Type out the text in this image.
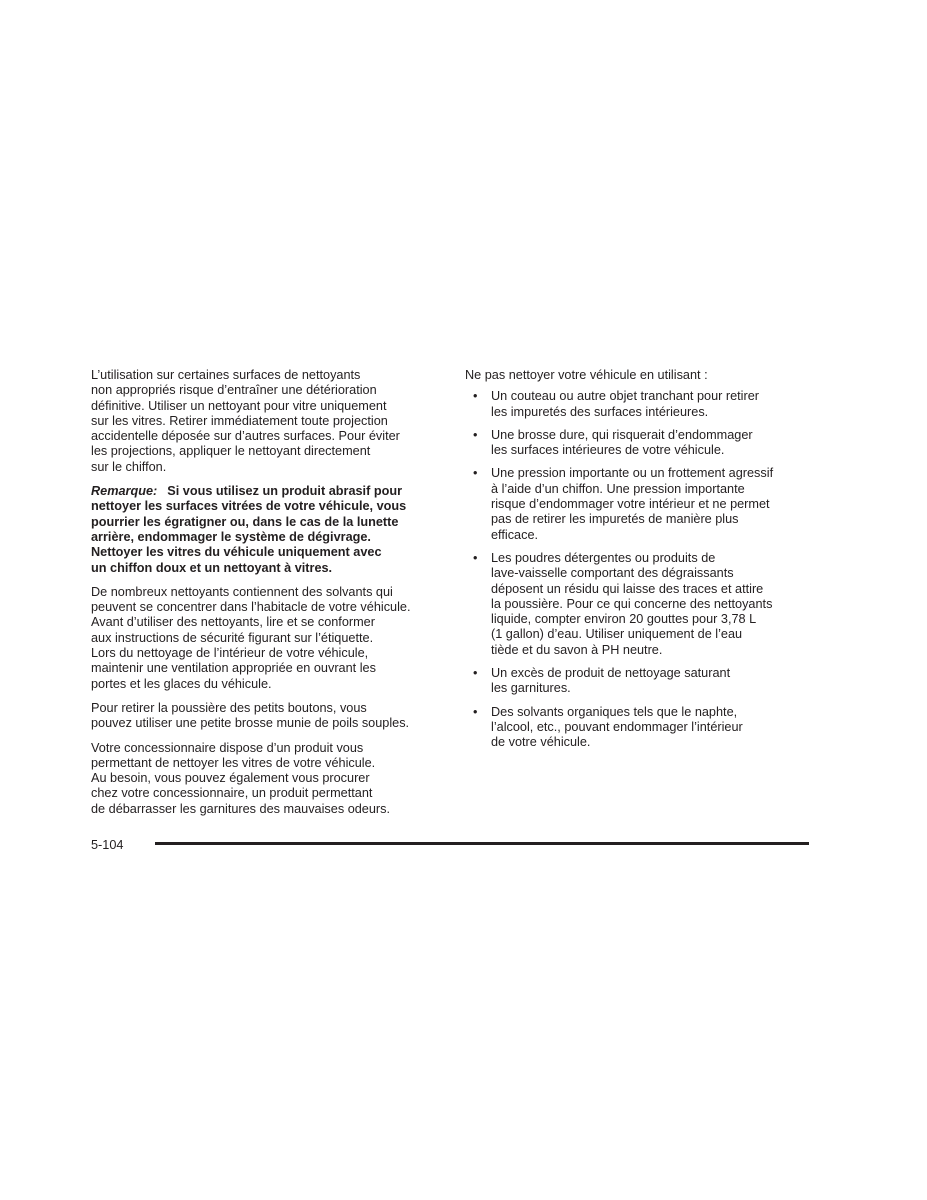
L’utilisation sur certaines surfaces de nettoyants
non appropriés risque d’entraîner une détérioration
définitive. Utiliser un nettoyant pour vitre uniquement
sur les vitres. Retirer immédiatement toute projection
accidentelle déposée sur d’autres surfaces. Pour éviter
les projections, appliquer le nettoyant directement
sur le chiffon.

Remarque: Si vous utilisez un produit abrasif pour
nettoyer les surfaces vitrées de votre véhicule, vous
pourrier les égratigner ou, dans le cas de la lunette
arrière, endommager le système de dégivrage.
Nettoyer les vitres du véhicule uniquement avec
un chiffon doux et un nettoyant à vitres.

De nombreux nettoyants contiennent des solvants qui
peuvent se concentrer dans l’habitacle de votre véhicule.
Avant d’utiliser des nettoyants, lire et se conformer
aux instructions de sécurité figurant sur l’étiquette.
Lors du nettoyage de l’intérieur de votre véhicule,
maintenir une ventilation appropriée en ouvrant les
portes et les glaces du véhicule.

Pour retirer la poussière des petits boutons, vous
pouvez utiliser une petite brosse munie de poils souples.

Votre concessionnaire dispose d’un produit vous
permettant de nettoyer les vitres de votre véhicule.
Au besoin, vous pouvez également vous procurer
chez votre concessionnaire, un produit permettant
de débarrasser les garnitures des mauvaises odeurs.

Ne pas nettoyer votre véhicule en utilisant :

• Un couteau ou autre objet tranchant pour retirer
les impuretés des surfaces intérieures.
• Une brosse dure, qui risquerait d’endommager
les surfaces intérieures de votre véhicule.
• Une pression importante ou un frottement agressif
à l’aide d’un chiffon. Une pression importante
risque d’endommager votre intérieur et ne permet
pas de retirer les impuretés de manière plus
efficace.
• Les poudres détergentes ou produits de
lave-vaisselle comportant des dégraissants
déposent un résidu qui laisse des traces et attire
la poussière. Pour ce qui concerne des nettoyants
liquide, compter environ 20 gouttes pour 3,78 L
(1 gallon) d’eau. Utiliser uniquement de l’eau
tiède et du savon à PH neutre.
• Un excès de produit de nettoyage saturant
les garnitures.
• Des solvants organiques tels que le naphte,
l’alcool, etc., pouvant endommager l’intérieur
de votre véhicule.
5-104
